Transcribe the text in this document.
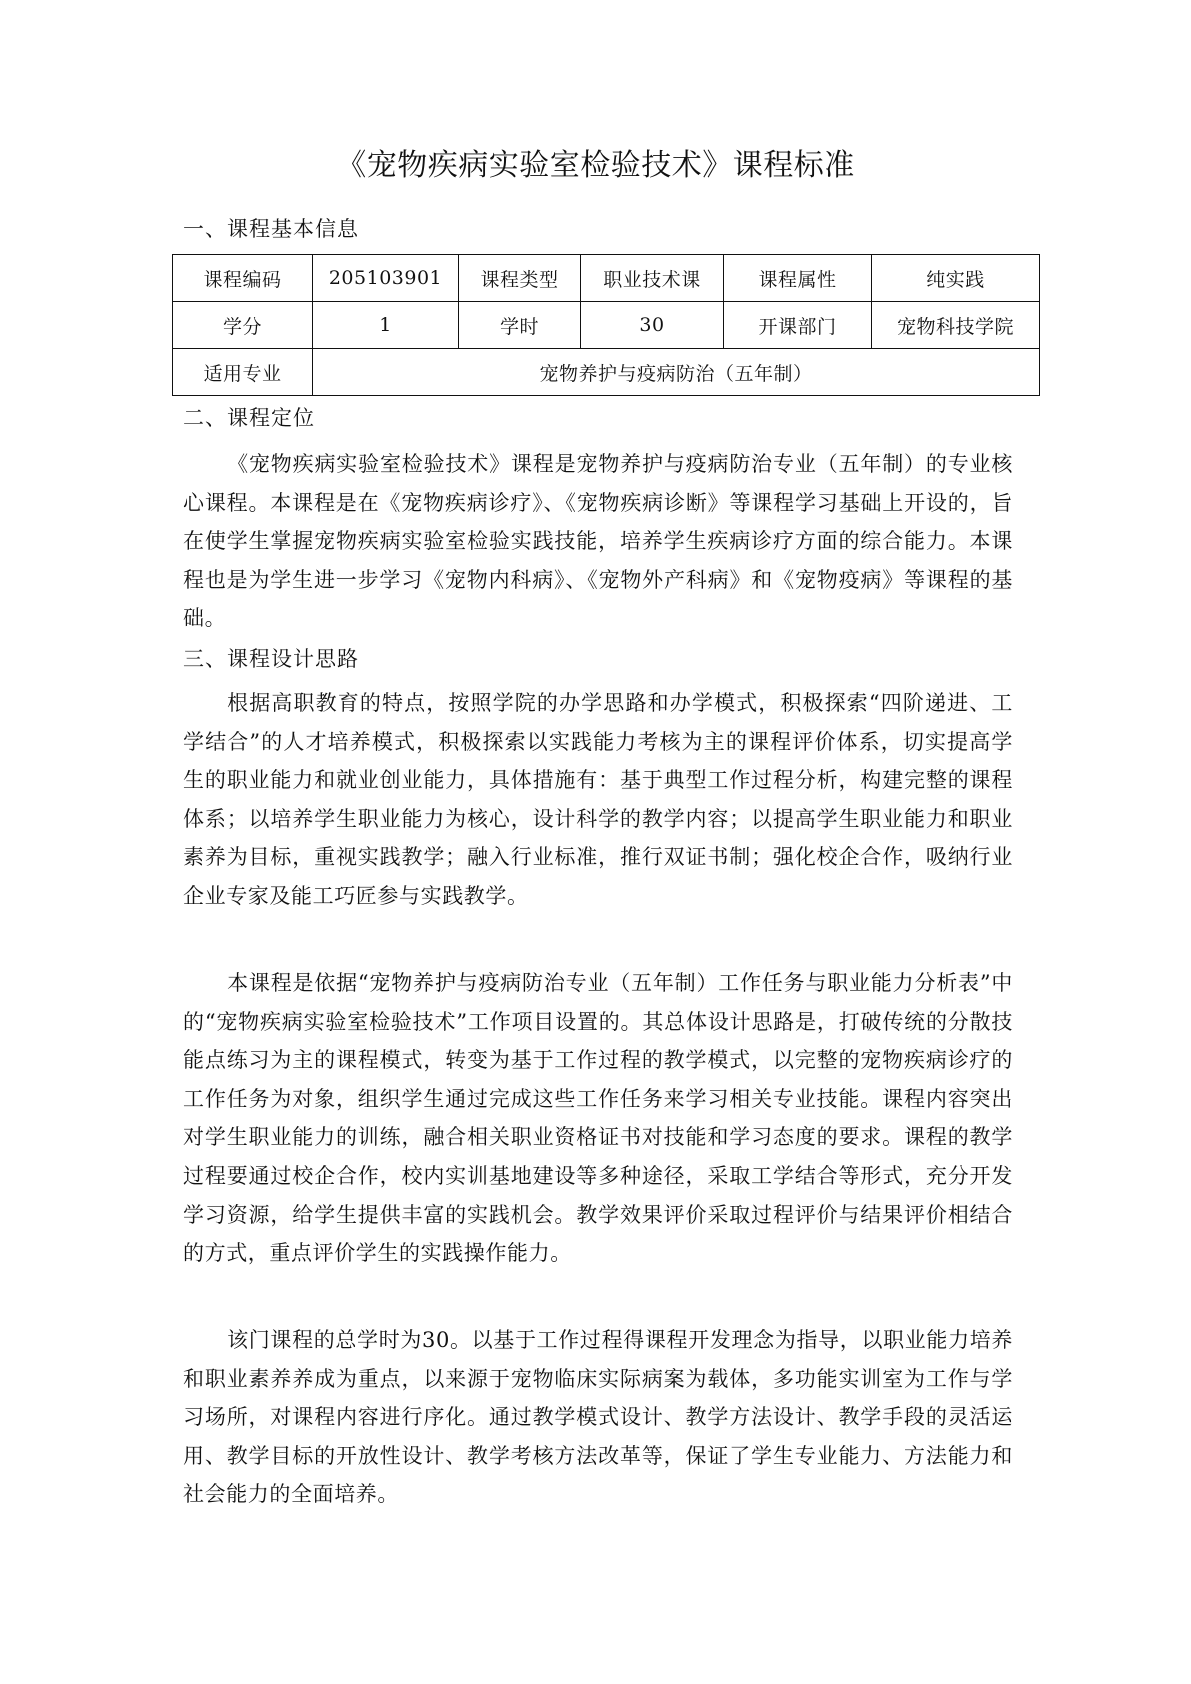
《宠物疾病实验室检验技术》课程标准
一、课程基本信息
课程编码	205103901	课程类型	职业技术课	课程属性	纯实践
学分	1	学时	30	开课部门	宠物科技学院
适用专业	宠物养护与疫病防治（五年制）				
二、课程定位

《宠物疾病实验室检验技术》课程是宠物养护与疫病防治专业（五年制）的专业核心课程。本课程是在《宠物疾病诊疗》、《宠物疾病诊断》等课程学习基础上开设的，旨在使学生掌握宠物疾病实验室检验实践技能，培养学生疾病诊疗方面的综合能力。本课程也是为学生进一步学习《宠物内科病》、《宠物外产科病》和《宠物疫病》等课程的基础。

三、课程设计思路

根据高职教育的特点，按照学院的办学思路和办学模式，积极探索“四阶递进、工学结合”的人才培养模式，积极探索以实践能力考核为主的课程评价体系，切实提高学生的职业能力和就业创业能力，具体措施有：基于典型工作过程分析，构建完整的课程体系；以培养学生职业能力为核心，设计科学的教学内容；以提高学生职业能力和职业素养为目标，重视实践教学；融入行业标准，推行双证书制；强化校企合作，吸纳行业企业专家及能工巧匠参与实践教学。

本课程是依据“宠物养护与疫病防治专业（五年制）工作任务与职业能力分析表”中的“宠物疾病实验室检验技术”工作项目设置的。其总体设计思路是，打破传统的分散技能点练习为主的课程模式，转变为基于工作过程的教学模式，以完整的宠物疾病诊疗的工作任务为对象，组织学生通过完成这些工作任务来学习相关专业技能。课程内容突出对学生职业能力的训练，融合相关职业资格证书对技能和学习态度的要求。课程的教学过程要通过校企合作，校内实训基地建设等多种途径，采取工学结合等形式，充分开发学习资源，给学生提供丰富的实践机会。教学效果评价采取过程评价与结果评价相结合的方式，重点评价学生的实践操作能力。

该门课程的总学时为30。以基于工作过程得课程开发理念为指导，以职业能力培养和职业素养养成为重点，以来源于宠物临床实际病案为载体，多功能实训室为工作与学习场所，对课程内容进行序化。通过教学模式设计、教学方法设计、教学手段的灵活运用、教学目标的开放性设计、教学考核方法改革等，保证了学生专业能力、方法能力和社会能力的全面培养。
